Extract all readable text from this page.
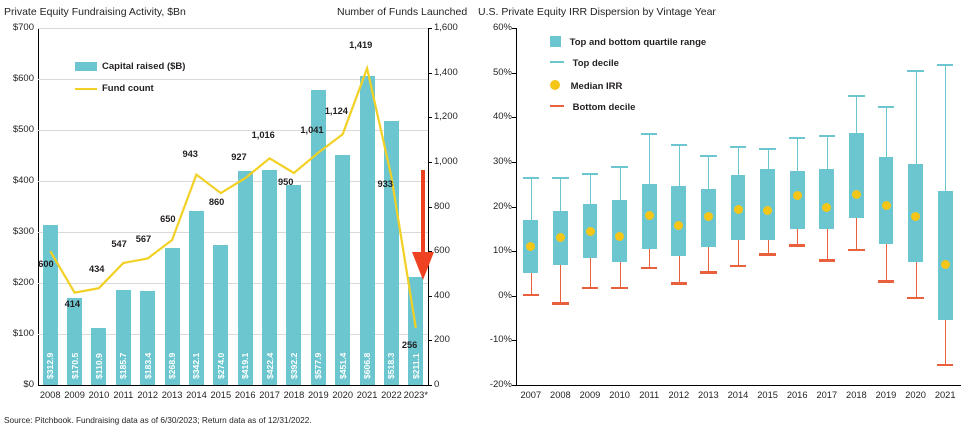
Private Equity Fundraising Activity, $Bn	Number of Funds Launched
$0
$100
$200
$300
$400
$500
$600
$700
0
200
400
600
800
1,000
1,200
1,400
1,600
$312.9 $170.5 $110.9 $185.7 $183.4 $268.9 $342.1 $274.0 $419.1 $422.4 $392.2 $577.9 $451.4 $606.8 $518.3 $211.1
2008 2009 2010 2011 2012 2013 2014 2015 2016 2017 2018 2019 2020 2021 2022 2023*
600
414
434
547 567
650
943
860
927
1,016
950
1,041
1,124
1,419
933
256
Capital raised ($B)
Fund count
U.S. Private Equity IRR Dispersion by Vintage Year
-20%
-10%
0%
10%
20%
30%
40%
50%
60%
2007 2008 2009 2010 2011 2012 2013 2014 2015 2016 2017 2018 2019 2020 2021
Top and bottom quartile range
Top decile
Median IRR
Bottom decile
Source: Pitchbook. Fundraising data as of 6/30/2023; Return data as of 12/31/2022.
